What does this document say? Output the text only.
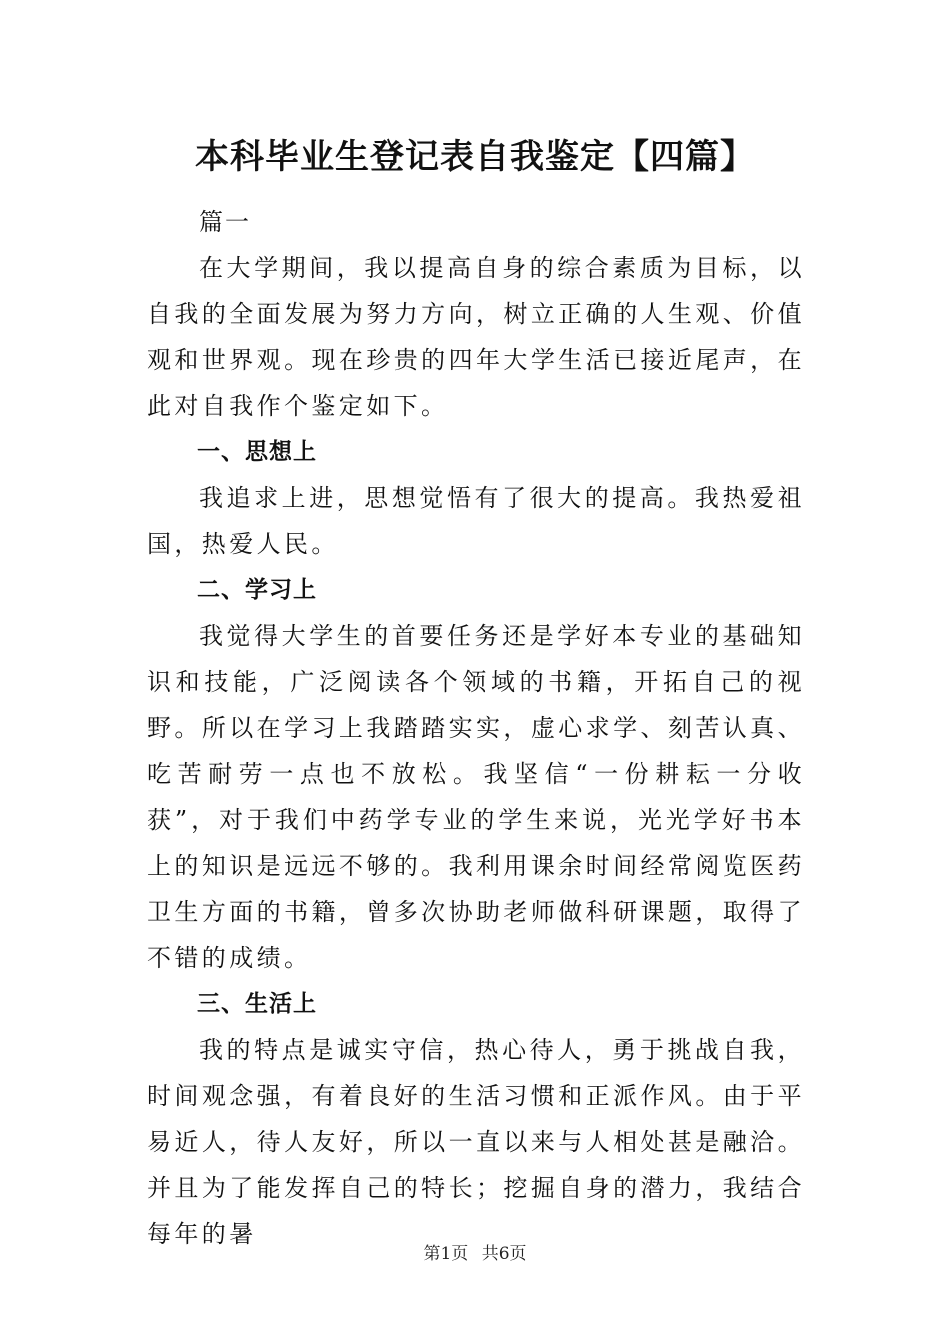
本科毕业生登记表自我鉴定【四篇】

篇一

在大学期间，我以提高自身的综合素质为目标，以自我的全面发展为努力方向，树立正确的人生观、价值观和世界观。现在珍贵的四年大学生活已接近尾声，在此对自我作个鉴定如下。

一、思想上

我追求上进，思想觉悟有了很大的提高。我热爱祖国，热爱人民。

二、学习上

我觉得大学生的首要任务还是学好本专业的基础知识和技能，广泛阅读各个领域的书籍，开拓自己的视野。所以在学习上我踏踏实实，虚心求学、刻苦认真、吃苦耐劳一点也不放松。我坚信“一份耕耘一分收获”，对于我们中药学专业的学生来说，光光学好书本上的知识是远远不够的。我利用课余时间经常阅览医药卫生方面的书籍，曾多次协助老师做科研课题，取得了不错的成绩。

三、生活上

我的特点是诚实守信，热心待人，勇于挑战自我，时间观念强，有着良好的生活习惯和正派作风。由于平易近人，待人友好，所以一直以来与人相处甚是融洽。并且为了能发挥自己的特长；挖掘自身的潜力，我结合每年的暑

第1页 共6页
